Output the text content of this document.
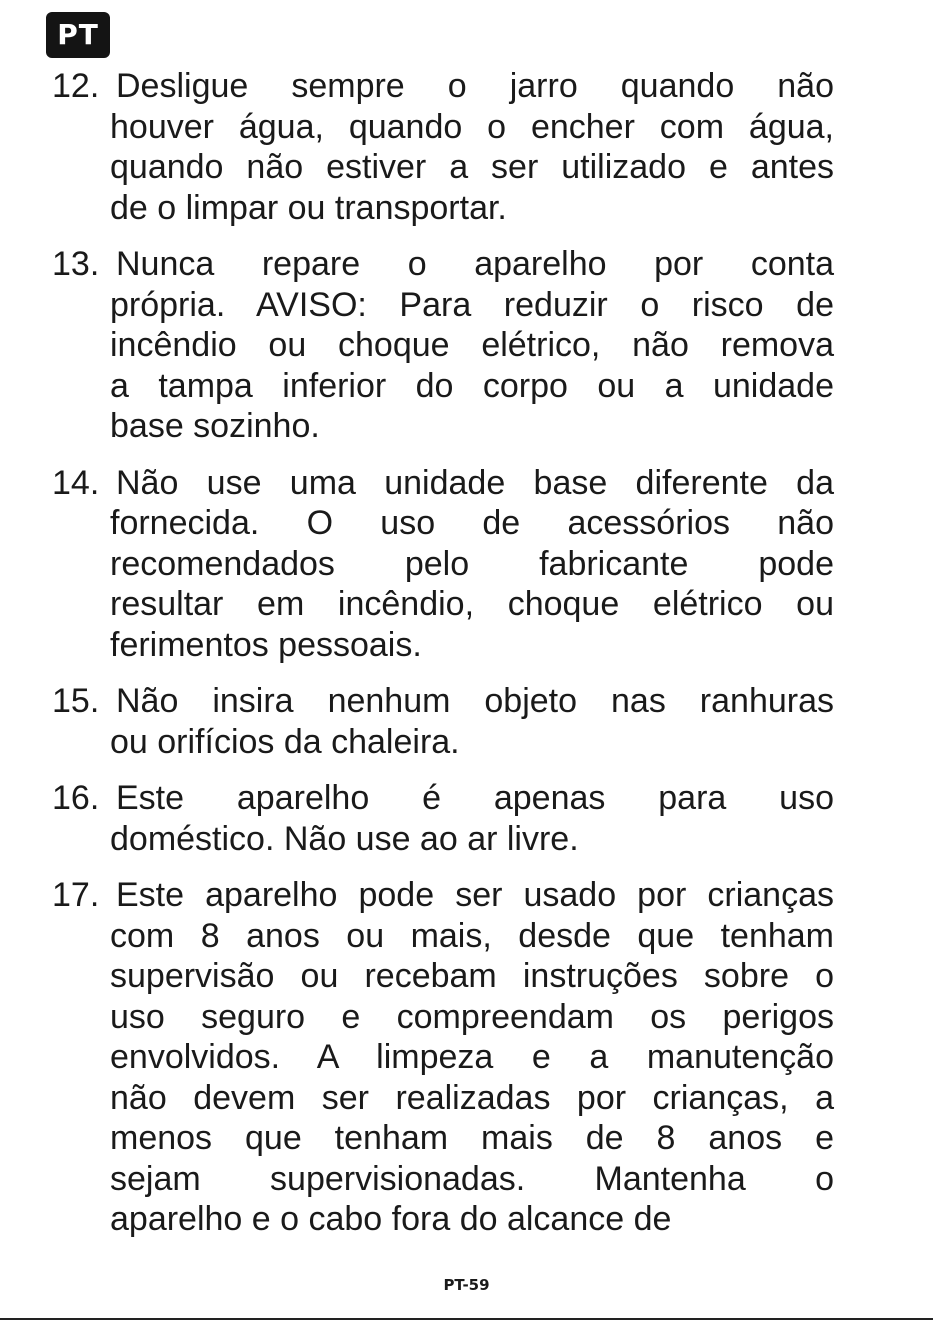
PT
12. Desligue sempre o jarro quando não
houver água, quando o encher com água,
quando não estiver a ser utilizado e antes
de o limpar ou transportar.
13. Nunca repare o aparelho por conta
própria. AVISO: Para reduzir o risco de
incêndio ou choque elétrico, não remova
a tampa inferior do corpo ou a unidade
base sozinho.
14. Não use uma unidade base diferente da
fornecida. O uso de acessórios não
recomendados pelo fabricante pode
resultar em incêndio, choque elétrico ou
ferimentos pessoais.
15. Não insira nenhum objeto nas ranhuras
ou orifícios da chaleira.
16. Este aparelho é apenas para uso
doméstico. Não use ao ar livre.
17. Este aparelho pode ser usado por crianças
com 8 anos ou mais, desde que tenham
supervisão ou recebam instruções sobre o
uso seguro e compreendam os perigos
envolvidos. A limpeza e a manutenção
não devem ser realizadas por crianças, a
menos que tenham mais de 8 anos e
sejam supervisionadas. Mantenha o
aparelho e o cabo fora do alcance de
PT-59
